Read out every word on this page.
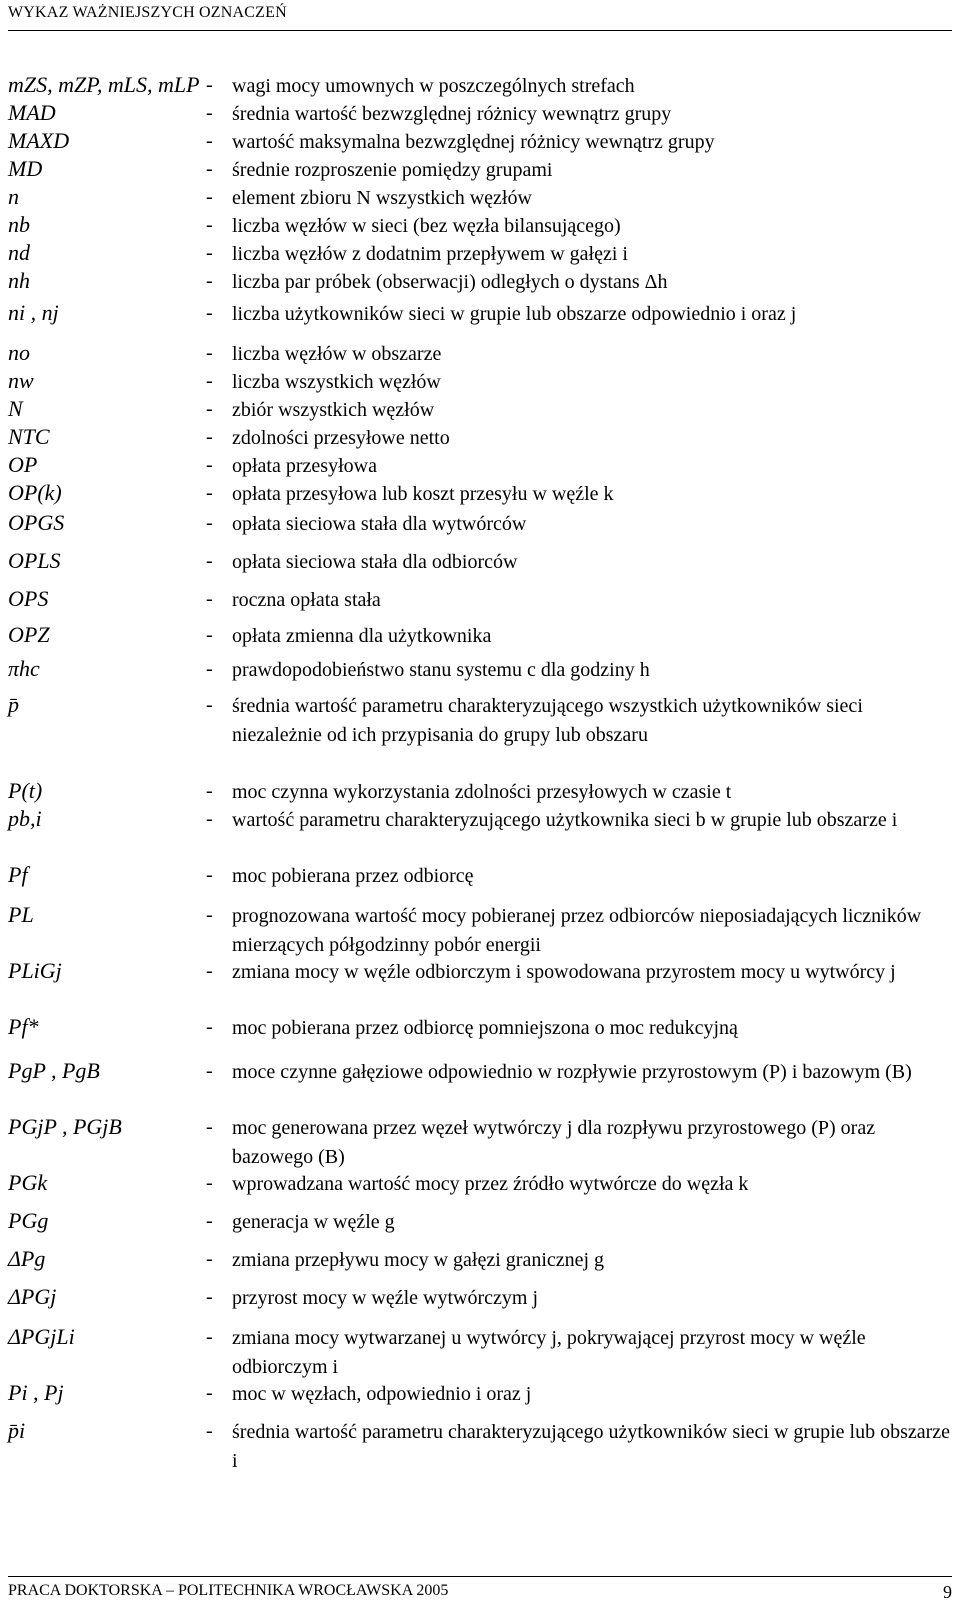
WYKAZ WAŻNIEJSZYCH OZNACZEŃ
mZS, mZP, mLS, mLP - wagi mocy umownych w poszczególnych strefach
MAD	- średnia wartość bezwzględnej różnicy wewnątrz grupy
MAXD	- wartość maksymalna bezwzględnej różnicy wewnątrz grupy
MD	- średnie rozproszenie pomiędzy grupami
n	- element zbioru N wszystkich węzłów
nb	- liczba węzłów w sieci (bez węzła bilansującego)
nd	- liczba węzłów z dodatnim przepływem w gałęzi i
nh	- liczba par próbek (obserwacji) odległych o dystans Δh
ni , nj	- liczba użytkowników sieci w grupie lub obszarze odpowiednio i oraz j
no	- liczba węzłów w obszarze
nw	- liczba wszystkich węzłów
N	- zbiór wszystkich węzłów
NTC	- zdolności przesyłowe netto
OP	- opłata przesyłowa
OP(k)	- opłata przesyłowa lub koszt przesyłu w węźle k
OPGS	- opłata sieciowa stała dla wytwórców
OPLS	- opłata sieciowa stała dla odbiorców
OPS	- roczna opłata stała
OPZ	- opłata zmienna dla użytkownika
πhc	- prawdopodobieństwo stanu systemu c dla godziny h
p̄	- średnia wartość parametru charakteryzującego wszystkich użytkowników sieci niezależnie od ich przypisania do grupy lub obszaru
P(t)	- moc czynna wykorzystania zdolności przesyłowych w czasie t
pb,i	- wartość parametru charakteryzującego użytkownika sieci b w grupie lub obszarze i
Pf	- moc pobierana przez odbiorcę
PL	- prognozowana wartość mocy pobieranej przez odbiorców nieposiadających liczników mierzących półgodzinny pobór energii
PLiGj	- zmiana mocy w węźle odbiorczym i spowodowana przyrostem mocy u wytwórcy j
Pf*	- moc pobierana przez odbiorcę pomniejszona o moc redukcyjną
PgP , PgB	- moce czynne gałęziowe odpowiednio w rozpływie przyrostowym (P) i bazowym (B)
PGjP , PGjB	- moc generowana przez węzeł wytwórczy j dla rozpływu przyrostowego (P) oraz bazowego (B)
PGk	- wprowadzana wartość mocy przez źródło wytwórcze do węzła k
PGg	- generacja w węźle g
ΔPg	- zmiana przepływu mocy w gałęzi granicznej g
ΔPGj	- przyrost mocy w węźle wytwórczym j
ΔPGjLi	- zmiana mocy wytwarzanej u wytwórcy j, pokrywającej przyrost mocy w węźle odbiorczym i
Pi , Pj	- moc w węzłach, odpowiednio i oraz j
p̄i	- średnia wartość parametru charakteryzującego użytkowników sieci w grupie lub obszarze i
PRACA DOKTORSKA – POLITECHNIKA WROCŁAWSKA 2005	9
